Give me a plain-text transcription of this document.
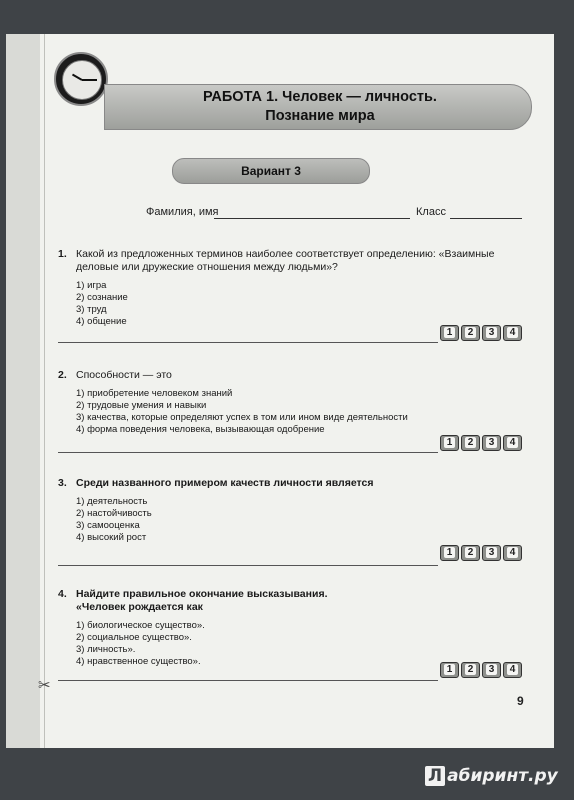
РАБОТА 1. Человек — личность.
Познание мира
Вариант 3
Фамилия, имя	Класс
1. Какой из предложенных терминов наиболее соответствует определению: «Взаимные деловые или дружеские отношения между людьми»?
1) игра
2) сознание
3) труд
4) общение
1	2	3	4
2. Способности — это
1) приобретение человеком знаний
2) трудовые умения и навыки
3) качества, которые определяют успех в том или ином виде деятельности
4) форма поведения человека, вызывающая одобрение
1	2	3	4
3. Среди названного примером качеств личности является
1) деятельность
2) настойчивость
3) самооценка
4) высокий рост
1	2	3	4
4. Найдите правильное окончание высказывания.
«Человек рождается как
1) биологическое существо».
2) социальное существо».
3) личность».
4) нравственное существо».
1	2	3	4
✂
9
Л абиринт.ру
